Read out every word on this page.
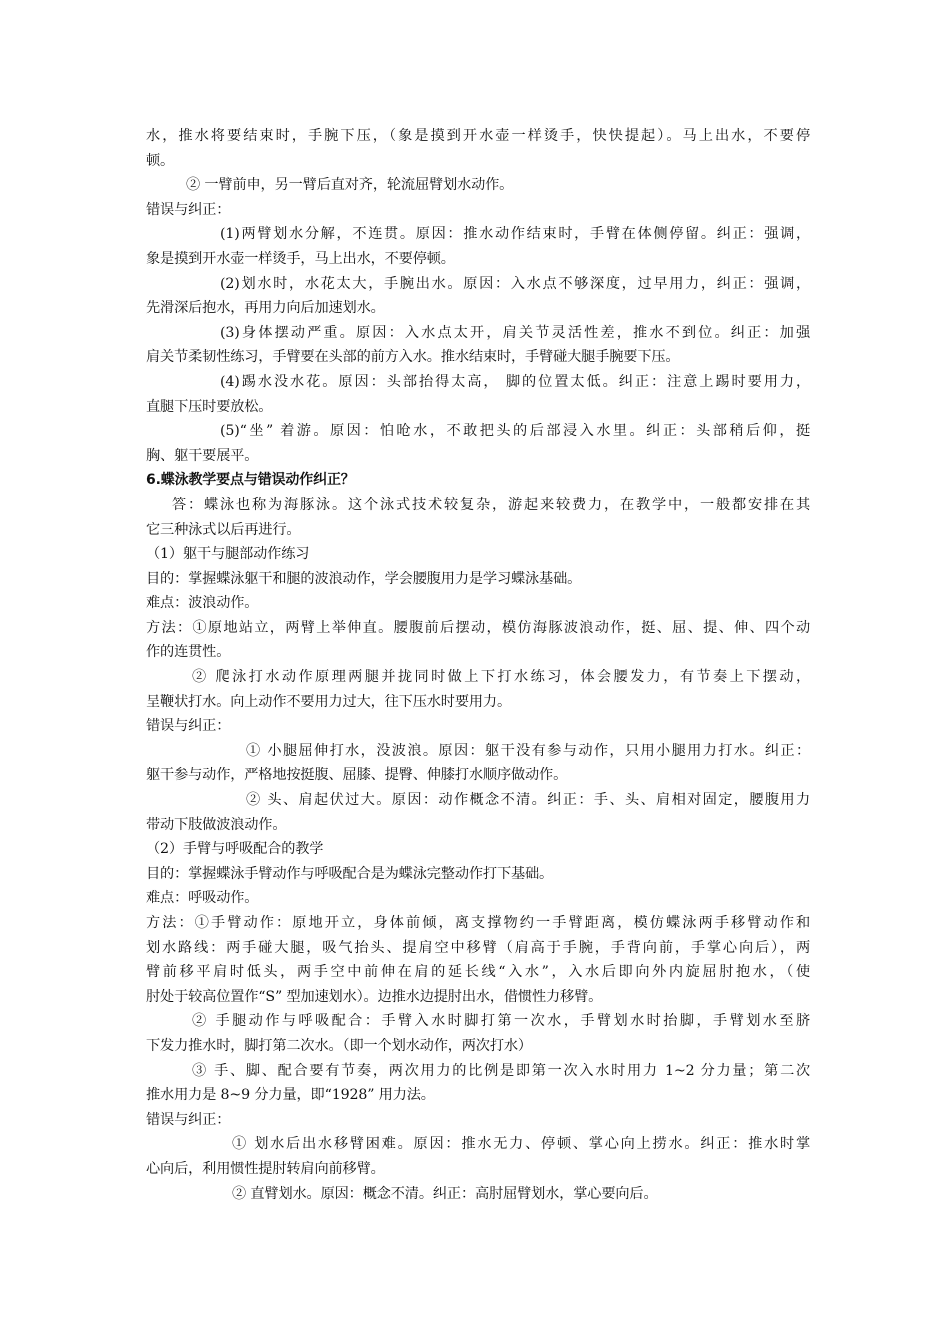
水，推水将要结束时，手腕下压，（象是摸到开水壶一样烫手，快快提起）。马上出水，不要停
顿。
② 一臂前申，另一臂后直对齐，轮流屈臂划水动作。
错误与纠正：
(1)两臂划水分解，不连贯。原因：推水动作结束时，手臂在体侧停留。纠正：强调，
象是摸到开水壶一样烫手，马上出水，不要停顿。
(2)划水时，水花太大，手腕出水。原因：入水点不够深度，过早用力，纠正：强调，
先滑深后抱水，再用力向后加速划水。
(3)身体摆动严重。原因：入水点太开，肩关节灵活性差，推水不到位。纠正：加强
肩关节柔韧性练习，手臂要在头部的前方入水。推水结束时，手臂碰大腿手腕要下压。
(4)踢水没水花。原因：头部抬得太高， 脚的位置太低。纠正：注意上踢时要用力，
直腿下压时要放松。
(5)“坐” 着游。原因：怕呛水，不敢把头的后部浸入水里。纠正：头部稍后仰，挺
胸、躯干要展平。
6.蝶泳教学要点与错误动作纠正？
答：蝶泳也称为海豚泳。这个泳式技术较复杂，游起来较费力，在教学中，一般都安排在其
它三种泳式以后再进行。
（1）躯干与腿部动作练习
目的：掌握蝶泳躯干和腿的波浪动作，学会腰腹用力是学习蝶泳基础。
难点：波浪动作。
方法：①原地站立，两臂上举伸直。腰腹前后摆动，模仿海豚波浪动作，挺、屈、提、伸、四个动
作的连贯性。
② 爬泳打水动作原理两腿并拢同时做上下打水练习，体会腰发力，有节奏上下摆动，
呈鞭状打水。向上动作不要用力过大，往下压水时要用力。
错误与纠正：
① 小腿屈伸打水，没波浪。原因：躯干没有参与动作，只用小腿用力打水。纠正：
躯干参与动作，严格地按挺腹、屈膝、提臀、伸膝打水顺序做动作。
② 头、肩起伏过大。原因：动作概念不清。纠正：手、头、肩相对固定，腰腹用力
带动下肢做波浪动作。
（2）手臂与呼吸配合的教学
目的：掌握蝶泳手臂动作与呼吸配合是为蝶泳完整动作打下基础。
难点：呼吸动作。
方法：①手臂动作：原地开立，身体前倾，离支撑物约一手臂距离，模仿蝶泳两手移臂动作和
划水路线：两手碰大腿，吸气抬头、提肩空中移臂（肩高于手腕，手背向前，手掌心向后），两
臂前移平肩时低头，两手空中前伸在肩的延长线“入水”，入水后即向外内旋屈肘抱水，（使
肘处于较高位置作“S” 型加速划水）。边推水边提肘出水，借惯性力移臂。
② 手腿动作与呼吸配合：手臂入水时脚打第一次水，手臂划水时抬脚，手臂划水至脐
下发力推水时，脚打第二次水。（即一个划水动作，两次打水）
③ 手、脚、配合要有节奏，两次用力的比例是即第一次入水时用力 1~2 分力量；第二次
推水用力是 8~9 分力量，即“1928” 用力法。
错误与纠正：
① 划水后出水移臂困难。原因：推水无力、停顿、掌心向上捞水。纠正：推水时掌
心向后，利用惯性提肘转肩向前移臂。
② 直臂划水。原因：概念不清。纠正：高肘屈臂划水，掌心要向后。
